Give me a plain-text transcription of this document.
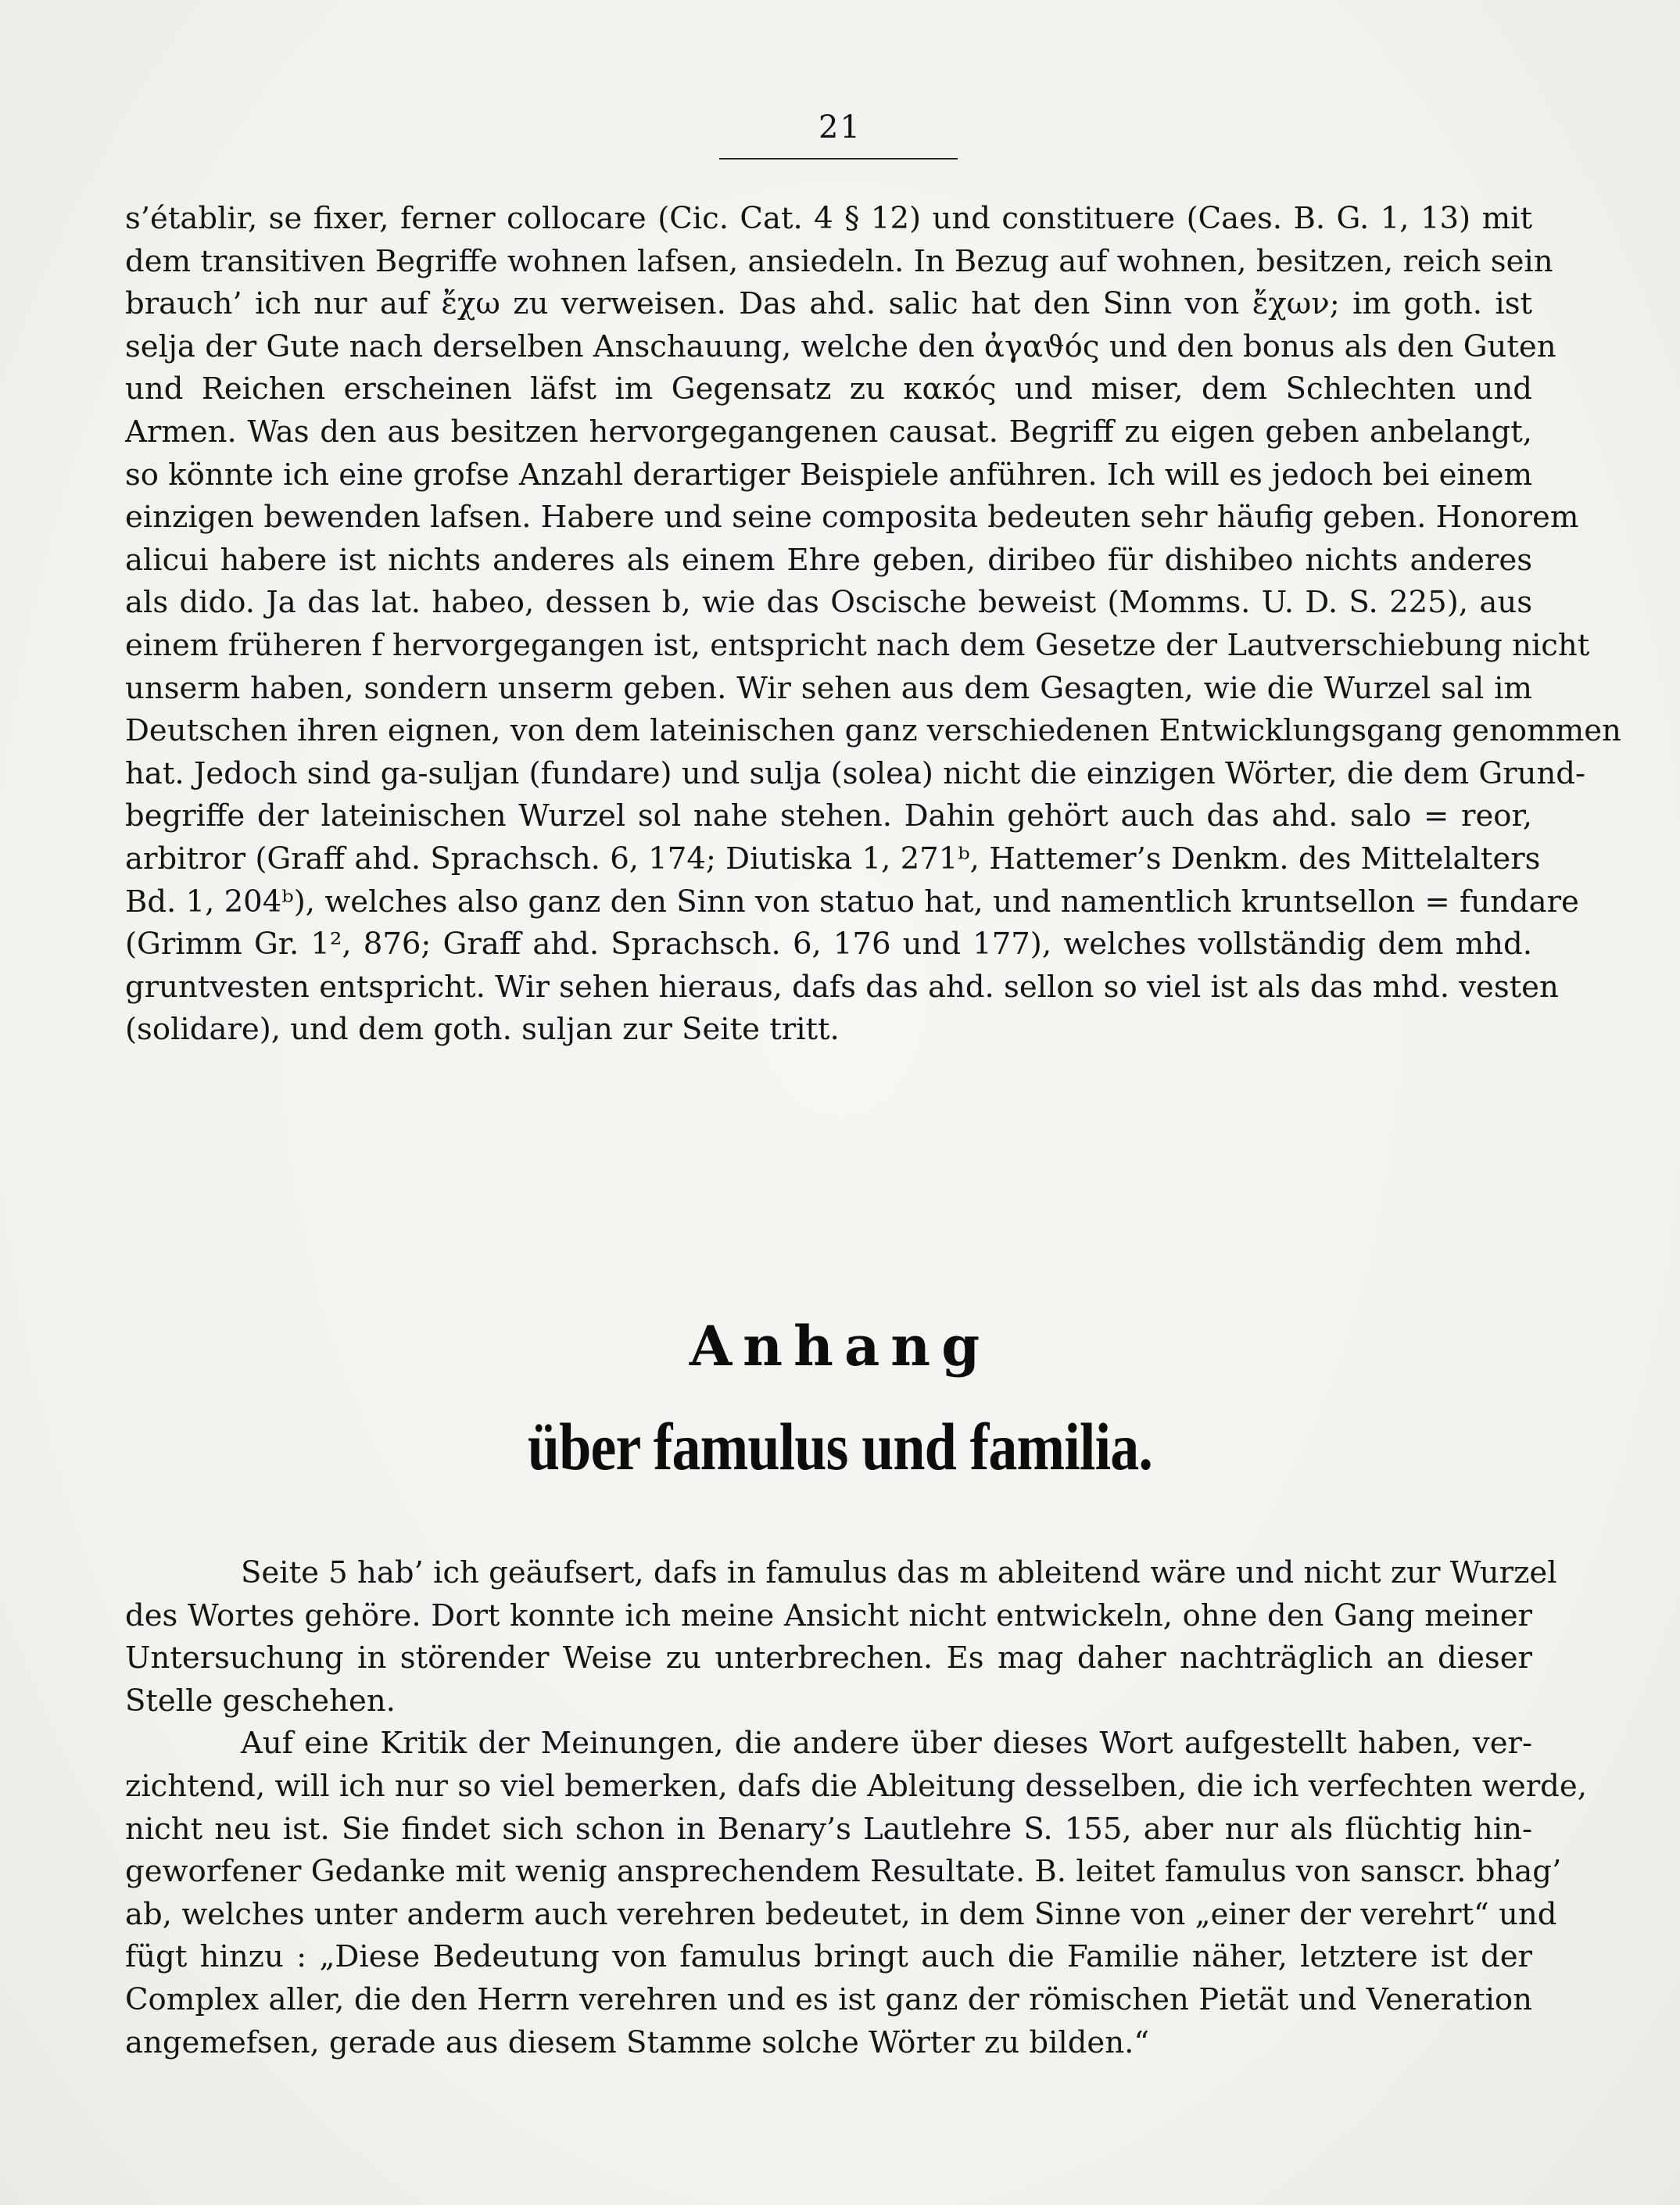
21
s’établir, se fixer, ferner collocare (Cic. Cat. 4 § 12) und constituere (Caes. B. G. 1, 13) mit
dem transitiven Begriffe wohnen lafsen, ansiedeln. In Bezug auf wohnen, besitzen, reich sein
brauch’ ich nur auf ἔχω zu verweisen. Das ahd. salic hat den Sinn von ἔχων; im goth. ist
selja der Gute nach derselben Anschauung, welche den ἀγαϑός und den bonus als den Guten
und Reichen erscheinen läfst im Gegensatz zu κακός und miser, dem Schlechten und
Armen. Was den aus besitzen hervorgegangenen causat. Begriff zu eigen geben anbelangt,
so könnte ich eine grofse Anzahl derartiger Beispiele anführen. Ich will es jedoch bei einem
einzigen bewenden lafsen. Habere und seine composita bedeuten sehr häufig geben. Honorem
alicui habere ist nichts anderes als einem Ehre geben, diribeo für dishibeo nichts anderes
als dido. Ja das lat. habeo, dessen b, wie das Oscische beweist (Momms. U. D. S. 225), aus
einem früheren f hervorgegangen ist, entspricht nach dem Gesetze der Lautverschiebung nicht
unserm haben, sondern unserm geben. Wir sehen aus dem Gesagten, wie die Wurzel sal im
Deutschen ihren eignen, von dem lateinischen ganz verschiedenen Entwicklungsgang genommen
hat. Jedoch sind ga-suljan (fundare) und sulja (solea) nicht die einzigen Wörter, die dem Grund-
begriffe der lateinischen Wurzel sol nahe stehen. Dahin gehört auch das ahd. salo = reor,
arbitror (Graff ahd. Sprachsch. 6, 174; Diutiska 1, 271ᵇ, Hattemer’s Denkm. des Mittelalters
Bd. 1, 204ᵇ), welches also ganz den Sinn von statuo hat, und namentlich kruntsellon = fundare
(Grimm Gr. 1², 876; Graff ahd. Sprachsch. 6, 176 und 177), welches vollständig dem mhd.
gruntvesten entspricht. Wir sehen hieraus, dafs das ahd. sellon so viel ist als das mhd. vesten
(solidare), und dem goth. suljan zur Seite tritt.
Anhang
über famulus und familia.
Seite 5 hab’ ich geäufsert, dafs in famulus das m ableitend wäre und nicht zur Wurzel
des Wortes gehöre. Dort konnte ich meine Ansicht nicht entwickeln, ohne den Gang meiner
Untersuchung in störender Weise zu unterbrechen. Es mag daher nachträglich an dieser
Stelle geschehen.
Auf eine Kritik der Meinungen, die andere über dieses Wort aufgestellt haben, ver-
zichtend, will ich nur so viel bemerken, dafs die Ableitung desselben, die ich verfechten werde,
nicht neu ist. Sie findet sich schon in Benary’s Lautlehre S. 155, aber nur als flüchtig hin-
geworfener Gedanke mit wenig ansprechendem Resultate. B. leitet famulus von sanscr. bhag’
ab, welches unter anderm auch verehren bedeutet, in dem Sinne von „einer der verehrt“ und
fügt hinzu : „Diese Bedeutung von famulus bringt auch die Familie näher, letztere ist der
Complex aller, die den Herrn verehren und es ist ganz der römischen Pietät und Veneration
angemefsen, gerade aus diesem Stamme solche Wörter zu bilden.“
